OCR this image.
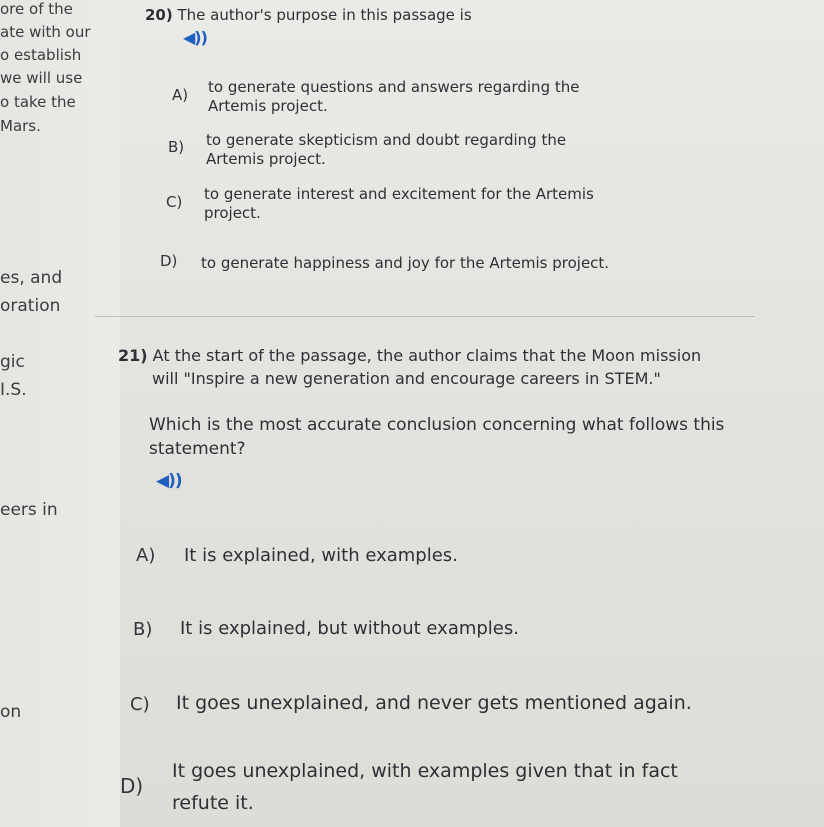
ore of the
ate with our
o establish
we will use
o take the
Mars.
es, and
oration
gic
I.S.
eers in
on
20) The author's purpose in this passage is
◀))
A) to generate questions and answers regarding the
Artemis project.
B) to generate skepticism and doubt regarding the
Artemis project.
C) to generate interest and excitement for the Artemis
project.
D) to generate happiness and joy for the Artemis project.
21) At the start of the passage, the author claims that the Moon mission
will "Inspire a new generation and encourage careers in STEM."
Which is the most accurate conclusion concerning what follows this
statement?
◀))
A) It is explained, with examples.
B) It is explained, but without examples.
C) It goes unexplained, and never gets mentioned again.
D)
It goes unexplained, with examples given that in fact
refute it.
